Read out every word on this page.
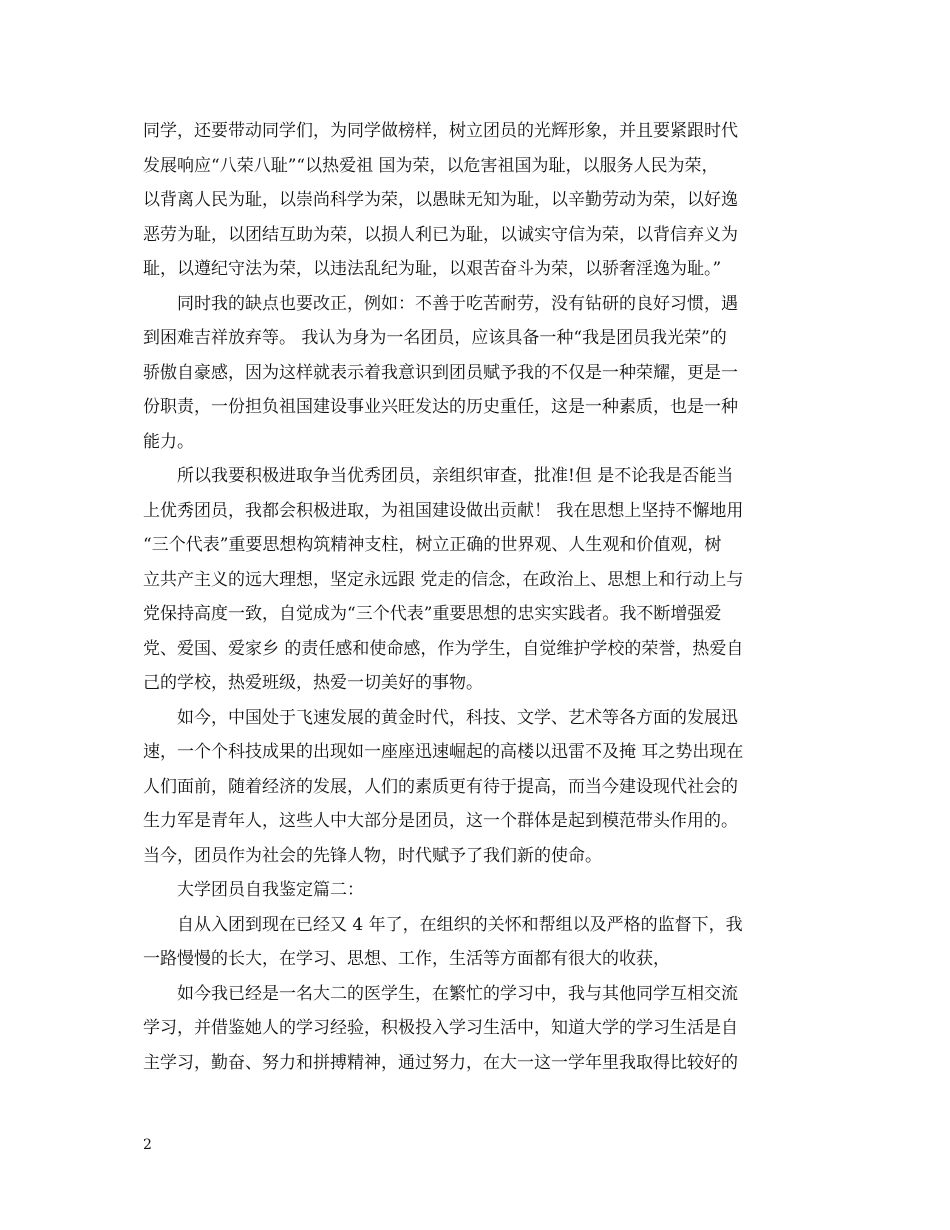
同学，还要带动同学们，为同学做榜样，树立团员的光辉形象，并且要紧跟时代
发展响应“八荣八耻”“以热爱祖 国为荣，以危害祖国为耻，以服务人民为荣，
以背离人民为耻，以崇尚科学为荣，以愚昧无知为耻，以辛勤劳动为荣，以好逸
恶劳为耻，以团结互助为荣，以损人利已为耻，以诚实守信为荣，以背信弃义为
耻，以遵纪守法为荣，以违法乱纪为耻，以艰苦奋斗为荣，以骄奢淫逸为耻。”
同时我的缺点也要改正，例如：不善于吃苦耐劳，没有钻研的良好习惯，遇
到困难吉祥放弃等。 我认为身为一名团员，应该具备一种“我是团员我光荣”的
骄傲自豪感，因为这样就表示着我意识到团员赋予我的不仅是一种荣耀，更是一
份职责，一份担负祖国建设事业兴旺发达的历史重任，这是一种素质，也是一种
能力。
所以我要积极进取争当优秀团员，亲组织审查，批准!但 是不论我是否能当
上优秀团员，我都会积极进取，为祖国建设做出贡献！ 我在思想上坚持不懈地用
“三个代表”重要思想构筑精神支柱，树立正确的世界观、人生观和价值观，树
立共产主义的远大理想，坚定永远跟 党走的信念，在政治上、思想上和行动上与
党保持高度一致，自觉成为“三个代表”重要思想的忠实实践者。我不断增强爱
党、爱国、爱家乡 的责任感和使命感，作为学生，自觉维护学校的荣誉，热爱自
己的学校，热爱班级，热爱一切美好的事物。
如今，中国处于飞速发展的黄金时代，科技、文学、艺术等各方面的发展迅
速，一个个科技成果的出现如一座座迅速崛起的高楼以迅雷不及掩 耳之势出现在
人们面前，随着经济的发展，人们的素质更有待于提高，而当今建设现代社会的
生力军是青年人，这些人中大部分是团员，这一个群体是起到模范带头作用的。
当今，团员作为社会的先锋人物，时代赋予了我们新的使命。
大学团员自我鉴定篇二：
自从入团到现在已经又 4 年了，在组织的关怀和帮组以及严格的监督下，我
一路慢慢的长大，在学习、思想、工作，生活等方面都有很大的收获，
如今我已经是一名大二的医学生，在繁忙的学习中，我与其他同学互相交流
学习，并借鉴她人的学习经验，积极投入学习生活中，知道大学的学习生活是自
主学习，勤奋、努力和拼搏精神，通过努力，在大一这一学年里我取得比较好的
2
